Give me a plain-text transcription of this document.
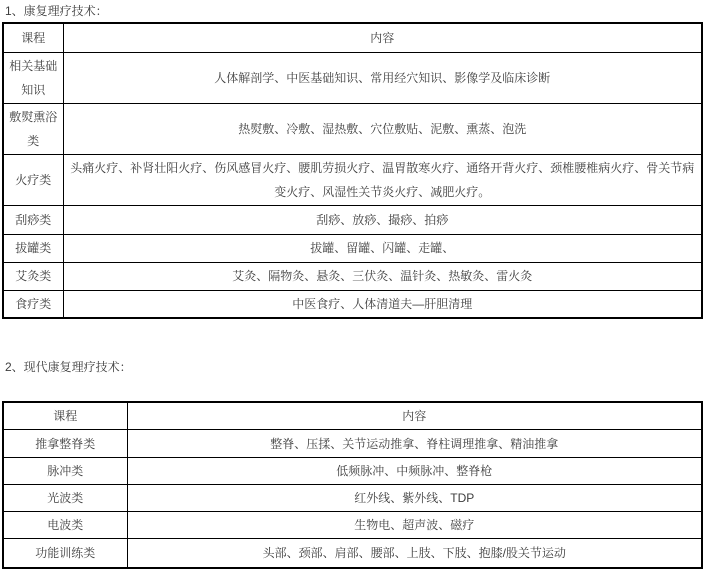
1、康复理疗技术：
课程	内容
相关基础知识	人体解剖学、中医基础知识、常用经穴知识、影像学及临床诊断
敷熨熏浴类	热熨敷、冷敷、湿热敷、穴位敷贴、泥敷、熏蒸、泡洗
火疗类	头痛火疗、补肾壮阳火疗、伤风感冒火疗、腰肌劳损火疗、温胃散寒火疗、通络开背火疗、颈椎腰椎病火疗、骨关节病变火疗、风湿性关节炎火疗、减肥火疗。
刮痧类	刮痧、放痧、撮痧、拍痧
拔罐类	拔罐、留罐、闪罐、走罐、
艾灸类	艾灸、隔物灸、悬灸、三伏灸、温针灸、热敏灸、雷火灸
食疗类	中医食疗、人体清道夫—肝胆清理
2、现代康复理疗技术：
课程	内容
推拿整脊类	整脊、压揉、关节运动推拿、脊柱调理推拿、精油推拿
脉冲类	低频脉冲、中频脉冲、整脊枪
光波类	红外线、紫外线、TDP
电波类	生物电、超声波、磁疗
功能训练类	头部、颈部、肩部、腰部、上肢、下肢、抱膝/股关节运动
